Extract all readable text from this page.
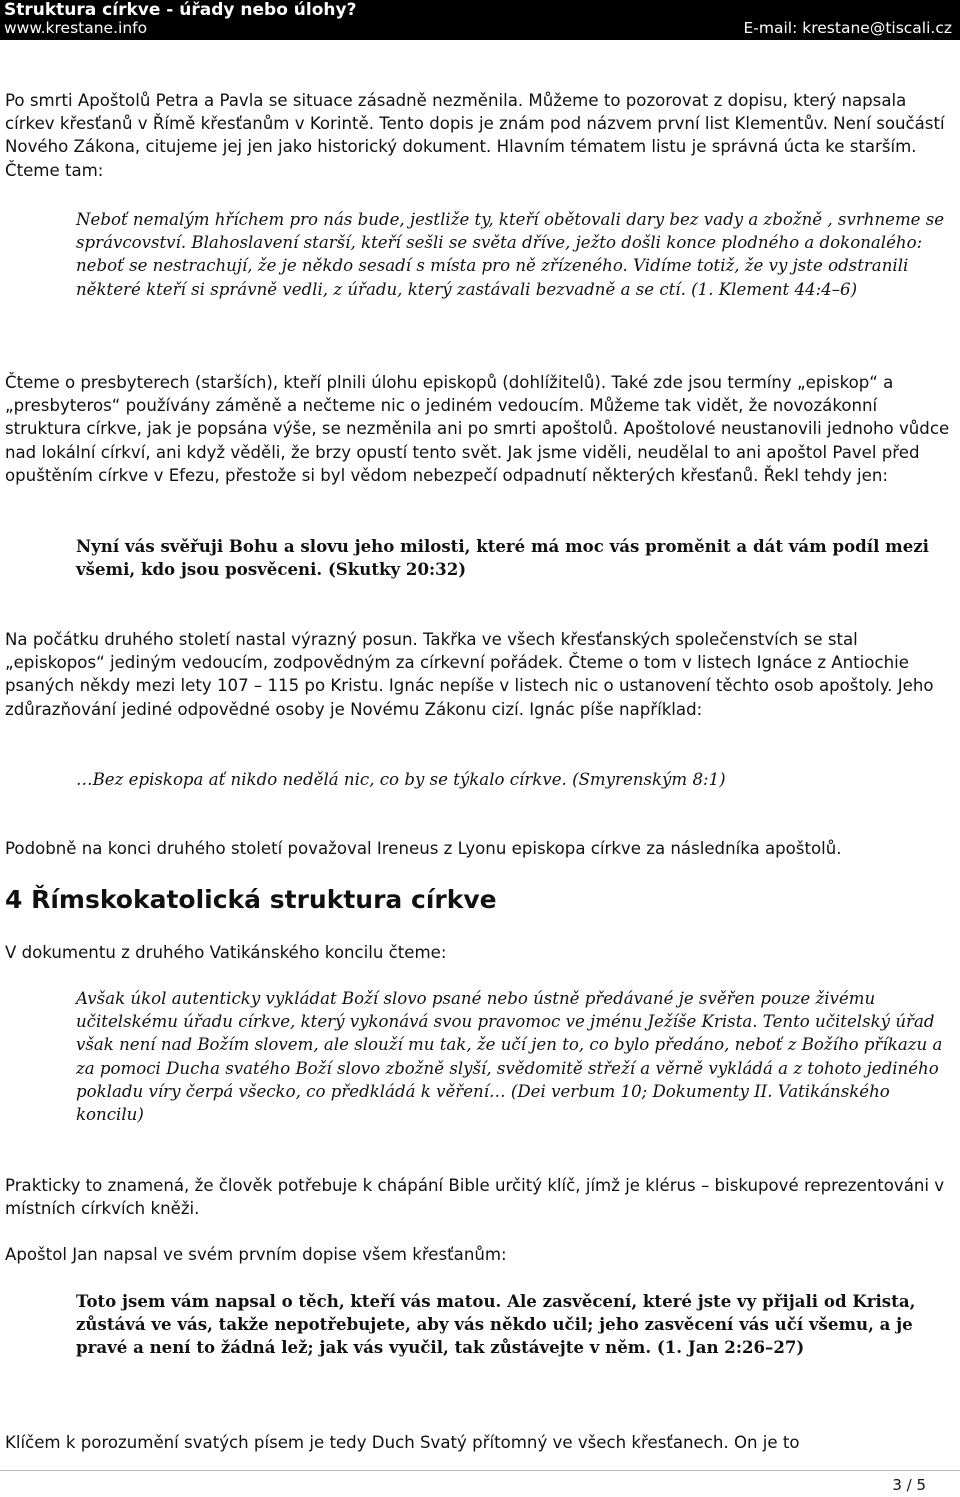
Struktura církve - úřady nebo úlohy?
www.krestane.info	E-mail: krestane@tiscali.cz

Po smrti Apoštolů Petra a Pavla se situace zásadně nezměnila. Můžeme to pozorovat z dopisu, který napsala církev křesťanů v Římě křesťanům v Korintě. Tento dopis je znám pod názvem první list Klementův. Není součástí Nového Zákona, citujeme jej jen jako historický dokument. Hlavním tématem listu je správná úcta ke starším. Čteme tam:

Neboť nemalým hříchem pro nás bude, jestliže ty, kteří obětovali dary bez vady a zbožně , svrhneme se správcovství. Blahoslavení starší, kteří sešli se světa dříve, ježto došli konce plodného a dokonalého: neboť se nestrachují, že je někdo sesadí s místa pro ně zřízeného. Vidíme totiž, že vy jste odstranili některé kteří si správně vedli, z úřadu, který zastávali bezvadně a se ctí. (1. Klement 44:4–6)

Čteme o presbyterech (starších), kteří plnili úlohu episkopů (dohlížitelů). Také zde jsou termíny „episkop“ a „presbyteros“ používány záměně a nečteme nic o jediném vedoucím. Můžeme tak vidět, že novozákonní struktura církve, jak je popsána výše, se nezměnila ani po smrti apoštolů. Apoštolové neustanovili jednoho vůdce nad lokální církví, ani když věděli, že brzy opustí tento svět. Jak jsme viděli, neudělal to ani apoštol Pavel před opuštěním církve v Efezu, přestože si byl vědom nebezpečí odpadnutí některých křesťanů. Řekl tehdy jen:

Nyní vás svěřuji Bohu a slovu jeho milosti, které má moc vás proměnit a dát vám podíl mezi všemi, kdo jsou posvěceni. (Skutky 20:32)

Na počátku druhého století nastal výrazný posun. Takřka ve všech křesťanských společenstvích se stal „episkopos“ jediným vedoucím, zodpovědným za církevní pořádek. Čteme o tom v listech Ignáce z Antiochie psaných někdy mezi lety 107 – 115 po Kristu. Ignác nepíše v listech nic o ustanovení těchto osob apoštoly. Jeho zdůrazňování jediné odpovědné osoby je Novému Zákonu cizí. Ignác píše například:

…Bez episkopa ať nikdo nedělá nic, co by se týkalo církve. (Smyrenským 8:1)

Podobně na konci druhého století považoval Ireneus z Lyonu episkopa církve za následníka apoštolů.

4 Římskokatolická struktura církve

V dokumentu z druhého Vatikánského koncilu čteme:

Avšak úkol autenticky vykládat Boží slovo psané nebo ústně předávané je svěřen pouze živému učitelskému úřadu církve, který vykonává svou pravomoc ve jménu Ježíše Krista. Tento učitelský úřad však není nad Božím slovem, ale slouží mu tak, že učí jen to, co bylo předáno, neboť z Božího příkazu a za pomoci Ducha svatého Boží slovo zbožně slyší, svědomitě střeží a věrně vykládá a z tohoto jediného pokladu víry čerpá všecko, co předkládá k věření… (Dei verbum 10; Dokumenty II. Vatikánského koncilu)

Prakticky to znamená, že člověk potřebuje k chápání Bible určitý klíč, jímž je klérus – biskupové reprezentováni v místních církvích kněži.

Apoštol Jan napsal ve svém prvním dopise všem křesťanům:

Toto jsem vám napsal o těch, kteří vás matou. Ale zasvěcení, které jste vy přijali od Krista, zůstává ve vás, takže nepotřebujete, aby vás někdo učil; jeho zasvěcení vás učí všemu, a je pravé a není to žádná lež; jak vás vyučil, tak zůstávejte v něm. (1. Jan 2:26–27)

Klíčem k porozumění svatých písem je tedy Duch Svatý přítomný ve všech křesťanech. On je to

3 / 5
